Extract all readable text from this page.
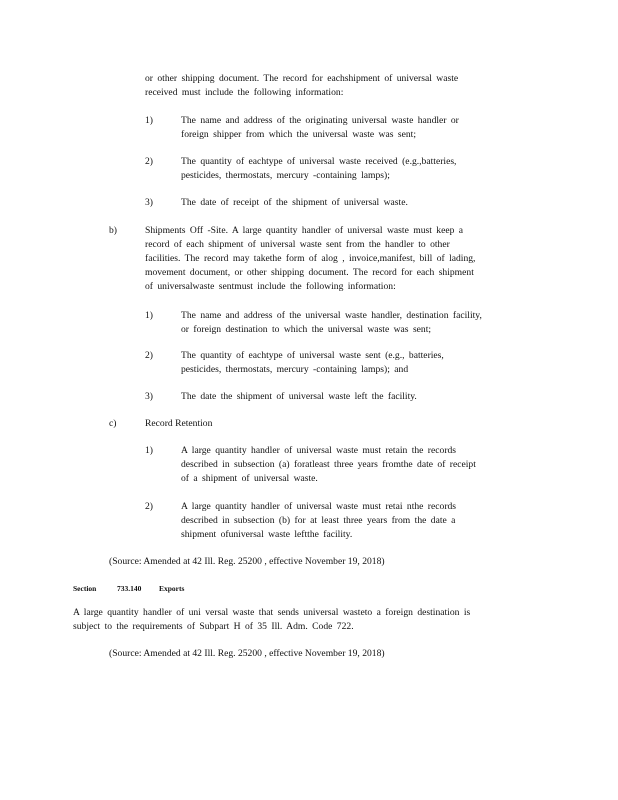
or other shipping document. The record for eachshipment of universal waste
received must include the following information:
1)	The name and address of the originating universal waste handler or
foreign shipper from which the universal waste was sent;
2)	The quantity of eachtype of universal waste received (e.g.,batteries,
pesticides, thermostats, mercury -containing lamps);
3)	The date of receipt of the shipment of universal waste.
b)	Shipments Off -Site. A large quantity handler of universal waste must keep a
record of each shipment of universal waste sent from the handler to other
facilities. The record may takethe form of alog , invoice,manifest, bill of lading,
movement document, or other shipping document. The record for each shipment
of universalwaste sentmust include the following information:
1)	The name and address of the universal waste handler, destination facility,
or foreign destination to which the universal waste was sent;
2)	The quantity of eachtype of universal waste sent (e.g., batteries,
pesticides, thermostats, mercury -containing lamps); and
3)	The date the shipment of universal waste left the facility.
c)	Record Retention
1)	A large quantity handler of universal waste must retain the records
described in subsection (a) foratleast three years fromthe date of receipt
of a shipment of universal waste.
2)	A large quantity handler of universal waste must retai nthe records
described in subsection (b) for at least three years from the date a
shipment ofuniversal waste leftthe facility.
(Source: Amended at 42 Ill. Reg. 25200 , effective November 19, 2018)
Section	733.140 Exports
A large quantity handler of uni versal waste that sends universal wasteto a foreign destination is
subject to the requirements of Subpart H of 35 Ill. Adm. Code 722.
(Source: Amended at 42 Ill. Reg. 25200 , effective November 19, 2018)
